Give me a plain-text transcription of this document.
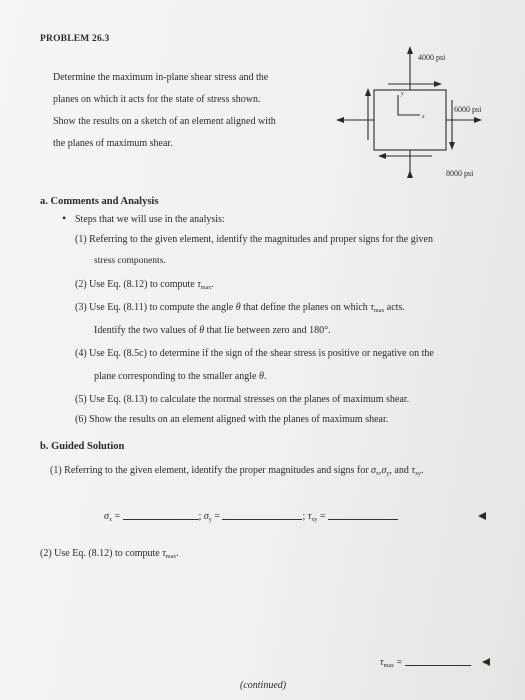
PROBLEM 26.3
Determine the maximum in-plane shear stress and the
planes on which it acts for the state of stress shown.
Show the results on a sketch of an element aligned with
the planes of maximum shear.
4000 psi
6000 psi
8000 psi
y
x
a. Comments and Analysis
• Steps that we will use in the analysis:
(1) Referring to the given element, identify the magnitudes and proper signs for the given
stress components.
(2) Use Eq. (8.12) to compute $\tau_{max}$.
(3) Use Eq. (8.11) to compute the angle θ that define the planes on which $\tau_{max}$ acts.
Identify the two values of θ that lie between zero and 180°.
(4) Use Eq. (8.5c) to determine if the sign of the shear stress is positive or negative on the
plane corresponding to the smaller angle θ.
(5) Use Eq. (8.13) to calculate the normal stresses on the planes of maximum shear.
(6) Show the results on an element aligned with the planes of maximum shear.
b. Guided Solution
(1) Referring to the given element, identify the proper magnitudes and signs for $\sigma_x,\sigma_y$, and $\tau_{xy}$.
$\sigma_x$ =	; $\sigma_y$ =	; $\tau_{xy}$ =
(2) Use Eq. (8.12) to compute $\tau_{max}$.
$\tau_{max}$ =
(continued)
